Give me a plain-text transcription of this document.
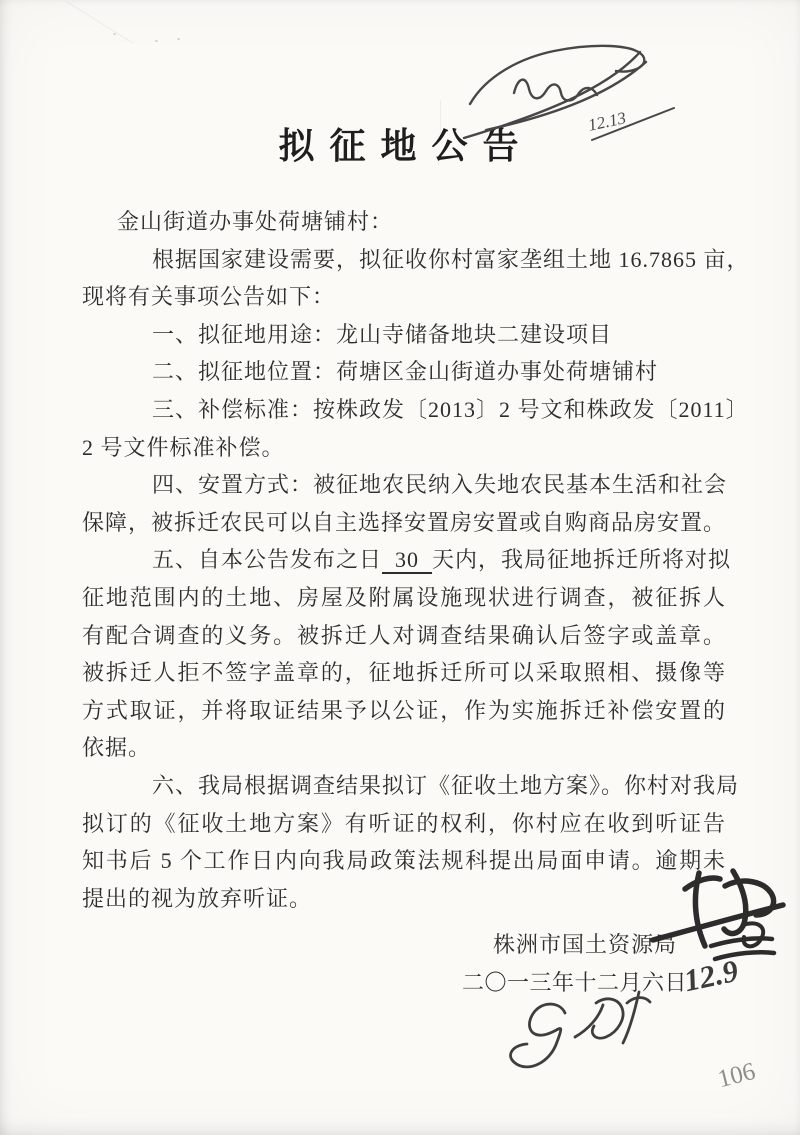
拟 征 地 公 告
金山街道办事处荷塘铺村：
根据国家建设需要，拟征收你村富家垄组土地 16.7865 亩，
现将有关事项公告如下：
一、拟征地用途：龙山寺储备地块二建设项目
二、拟征地位置：荷塘区金山街道办事处荷塘铺村
三、补偿标准：按株政发〔2013〕2 号文和株政发〔2011〕
2 号文件标准补偿。
四、安置方式：被征地农民纳入失地农民基本生活和社会
保障，被拆迁农民可以自主选择安置房安置或自购商品房安置。
五、自本公告发布之日 30 天内，我局征地拆迁所将对拟
征地范围内的土地、房屋及附属设施现状进行调查，被征拆人
有配合调查的义务。被拆迁人对调查结果确认后签字或盖章。
被拆迁人拒不签字盖章的，征地拆迁所可以采取照相、摄像等
方式取证，并将取证结果予以公证，作为实施拆迁补偿安置的
依据。
六、我局根据调查结果拟订《征收土地方案》。你村对我局
拟订的《征收土地方案》有听证的权利，你村应在收到听证告
知书后 5 个工作日内向我局政策法规科提出局面申请。逾期未
提出的视为放弃听证。
株洲市国土资源局
二〇一三年十二月六日
12.13
12.9
106
